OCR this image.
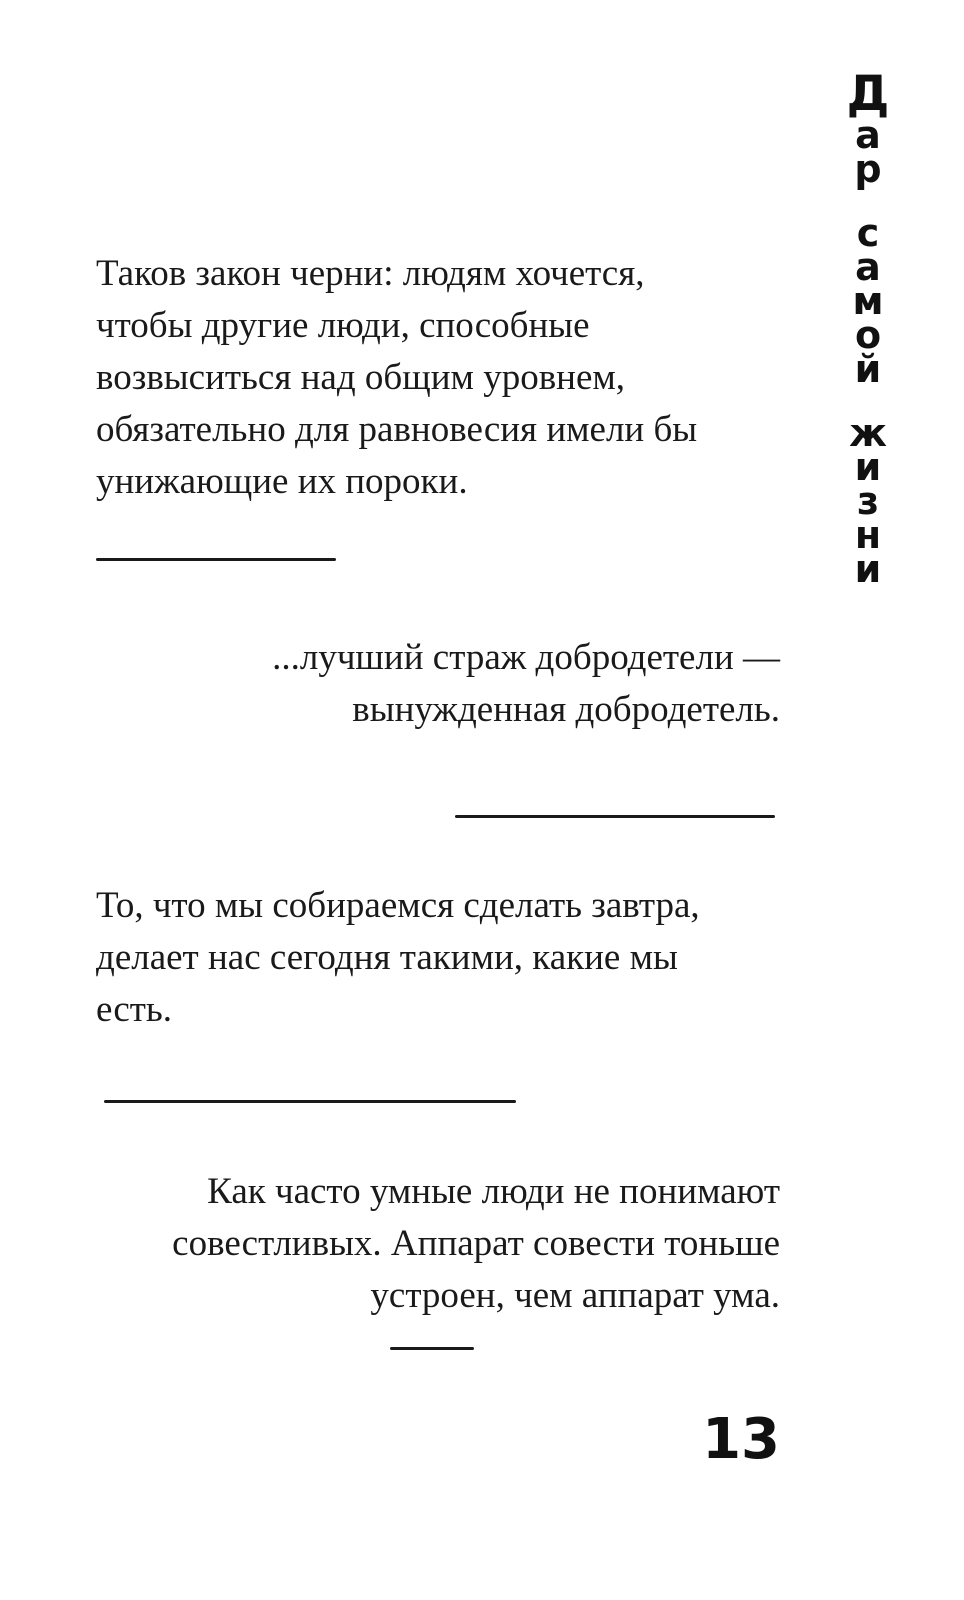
Д
а
р
с
а
м
о
й
ж
и
з
н
и

Таков закон черни: людям хочется,
чтобы другие люди, способные
возвыситься над общим уровнем,
обязательно для равновесия имели бы
унижающие их пороки.

...лучший страж добродетели —
вынужденная добродетель.

То, что мы собираемся сделать завтра,
делает нас сегодня такими, какие мы
есть.

Как часто умные люди не понимают
совестливых. Аппарат совести тоньше
устроен, чем аппарат ума.

13
